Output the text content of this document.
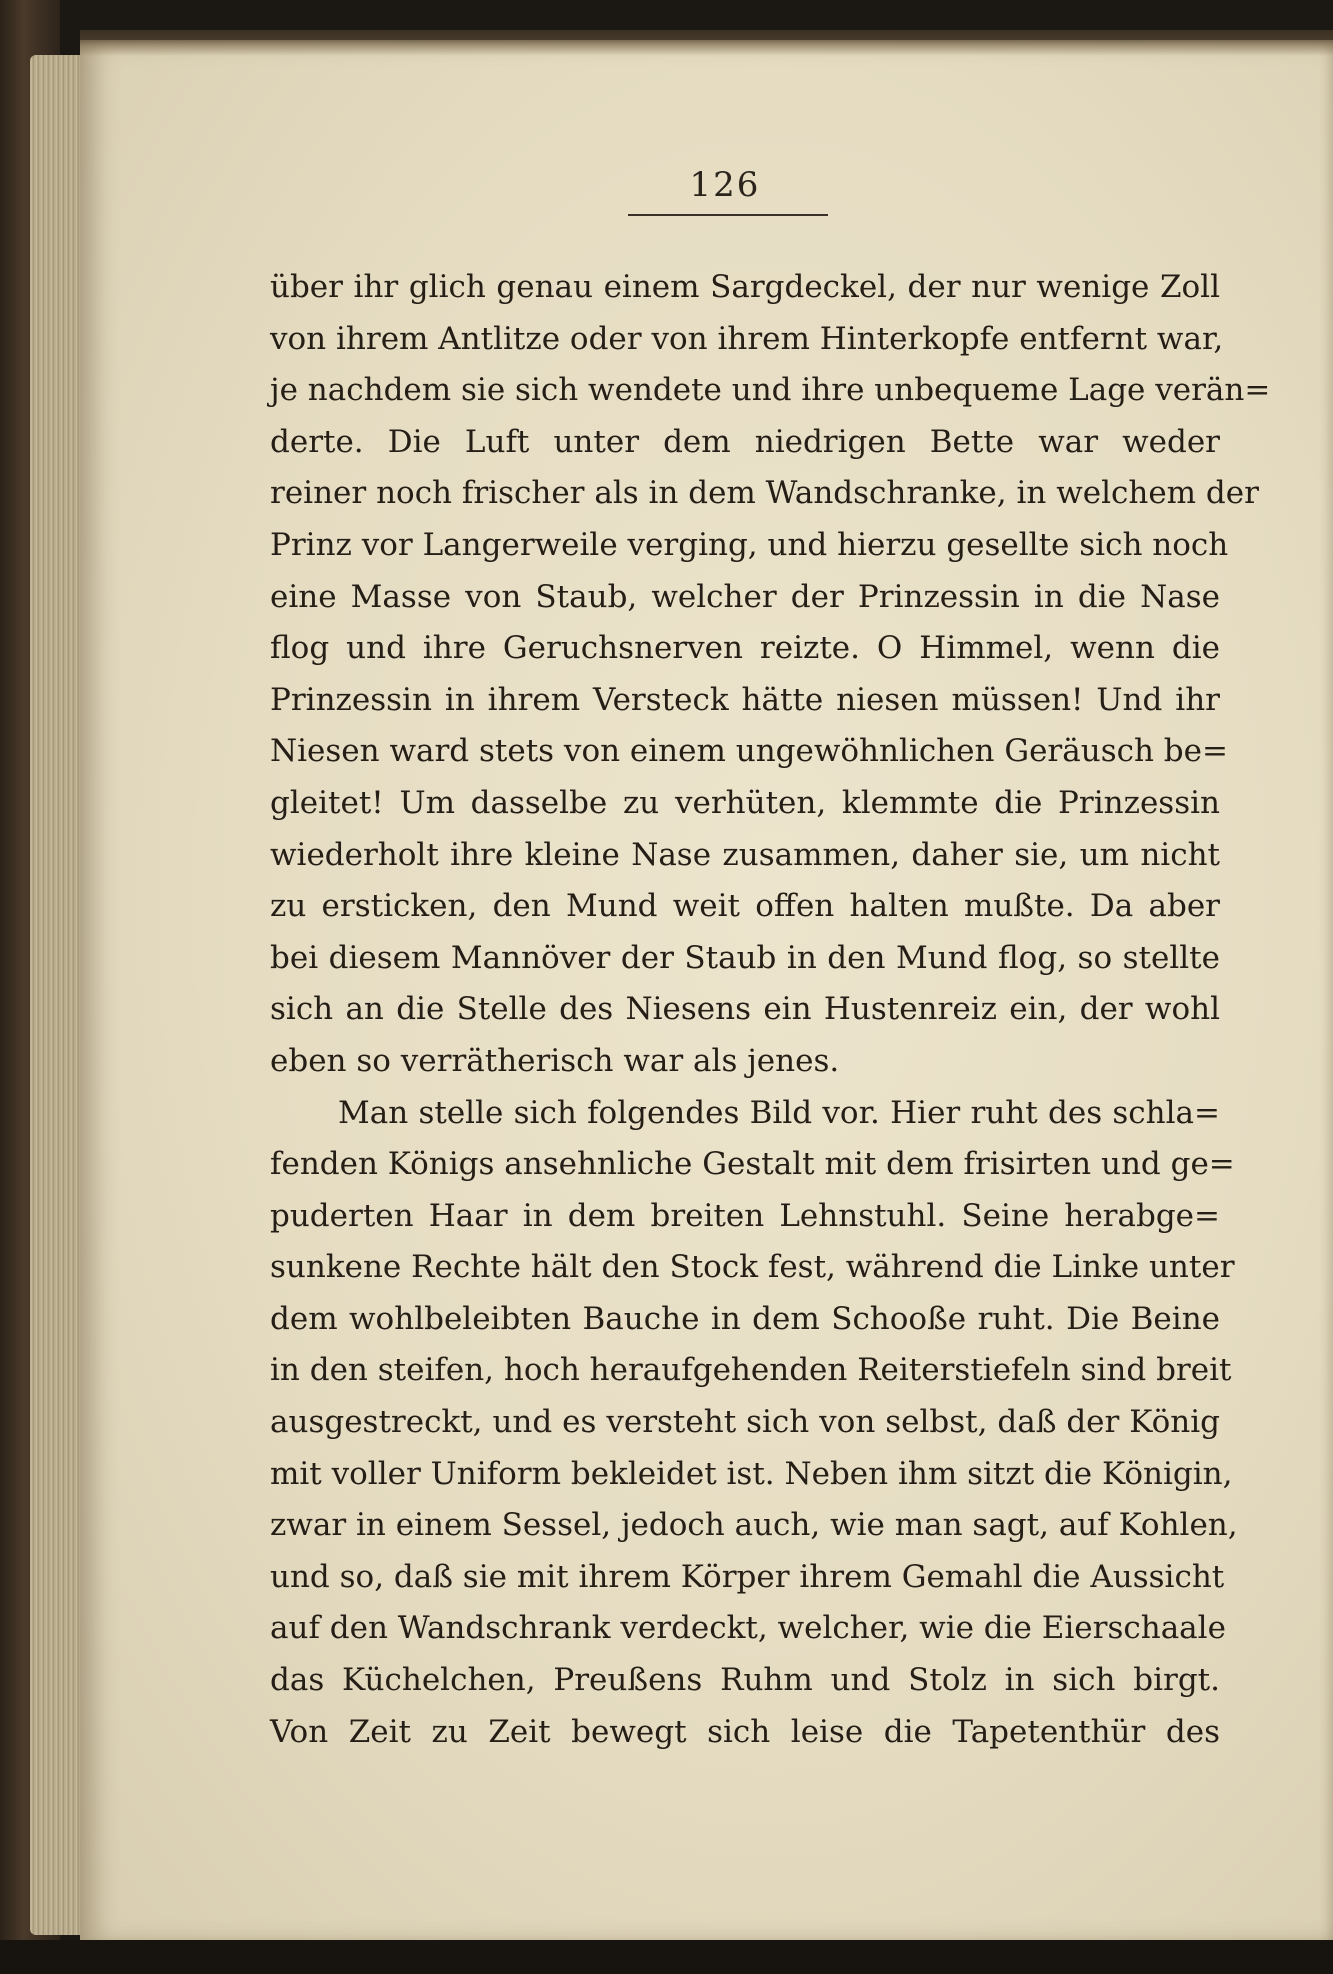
126
über ihr glich genau einem Sargdeckel, der nur wenige Zoll
von ihrem Antlitze oder von ihrem Hinterkopfe entfernt war,
je nachdem sie sich wendete und ihre unbequeme Lage verän=
derte. Die Luft unter dem niedrigen Bette war weder
reiner noch frischer als in dem Wandschranke, in welchem der
Prinz vor Langerweile verging, und hierzu gesellte sich noch
eine Masse von Staub, welcher der Prinzessin in die Nase
flog und ihre Geruchsnerven reizte. O Himmel, wenn die
Prinzessin in ihrem Versteck hätte niesen müssen! Und ihr
Niesen ward stets von einem ungewöhnlichen Geräusch be=
gleitet! Um dasselbe zu verhüten, klemmte die Prinzessin
wiederholt ihre kleine Nase zusammen, daher sie, um nicht
zu ersticken, den Mund weit offen halten mußte. Da aber
bei diesem Mannöver der Staub in den Mund flog, so stellte
sich an die Stelle des Niesens ein Hustenreiz ein, der wohl
eben so verrätherisch war als jenes.
Man stelle sich folgendes Bild vor. Hier ruht des schla=
fenden Königs ansehnliche Gestalt mit dem frisirten und ge=
puderten Haar in dem breiten Lehnstuhl. Seine herabge=
sunkene Rechte hält den Stock fest, während die Linke unter
dem wohlbeleibten Bauche in dem Schooße ruht. Die Beine
in den steifen, hoch heraufgehenden Reiterstiefeln sind breit
ausgestreckt, und es versteht sich von selbst, daß der König
mit voller Uniform bekleidet ist. Neben ihm sitzt die Königin,
zwar in einem Sessel, jedoch auch, wie man sagt, auf Kohlen,
und so, daß sie mit ihrem Körper ihrem Gemahl die Aussicht
auf den Wandschrank verdeckt, welcher, wie die Eierschaale
das Küchelchen, Preußens Ruhm und Stolz in sich birgt.
Von Zeit zu Zeit bewegt sich leise die Tapetenthür des
